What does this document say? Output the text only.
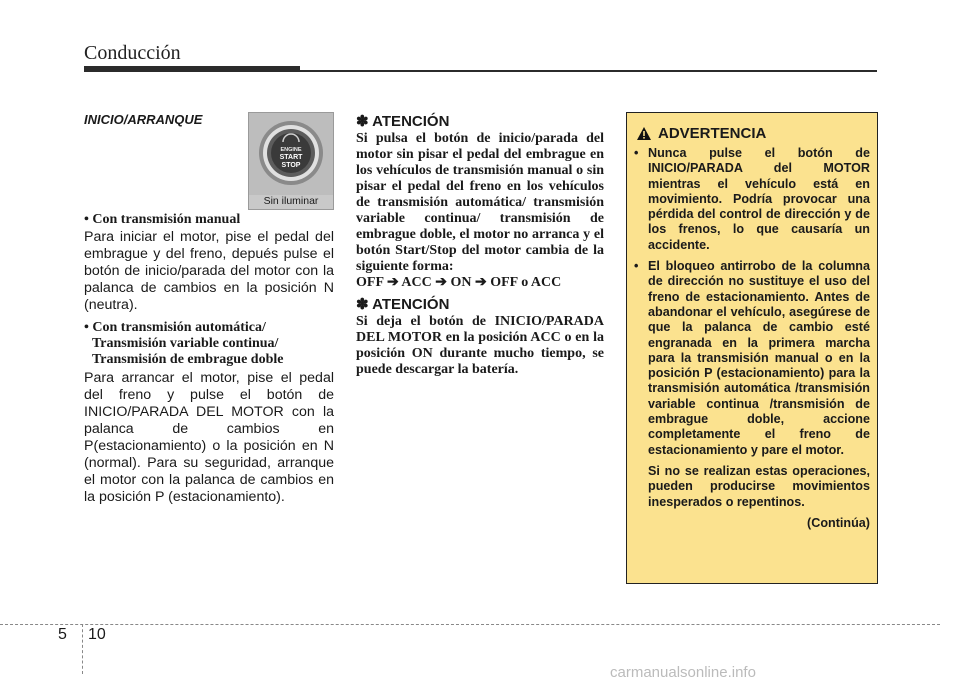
Conducción
INICIO/ARRANQUE
ENGINE
START
STOP
Sin iluminar
• Con transmisión manual
Para iniciar el motor, pise el pedal del embrague y del freno, depués pulse el botón de inicio/parada del motor con la palanca de cambios en la posición N (neutra).
• Con transmisión automática/
Transmisión variable continua/
Transmisión de embrague doble
Para arrancar el motor, pise el pedal del freno y pulse el botón de INICIO/PARADA DEL MOTOR con la palanca de cambios en P(estacionamiento) o la posición en N (normal). Para su seguridad, arranque el motor con la palanca de cambios en la posición P (estacionamiento).
✽ ATENCIÓN
Si pulsa el botón de inicio/parada del motor sin pisar el pedal del embrague en los vehículos de transmisión manual o sin pisar el pedal del freno en los vehículos de transmisión automática/ transmisión variable continua/ transmisión de embrague doble, el motor no arranca y el botón Start/Stop del motor cambia de la siguiente forma:
OFF ➔ ACC ➔ ON ➔ OFF o ACC
✽ ATENCIÓN
Si deja el botón de INICIO/PARADA DEL MOTOR en la posición ACC o en la posición ON durante mucho tiempo, se puede descargar la batería.
ADVERTENCIA
• Nunca pulse el botón de INICIO/PARADA del MOTOR mientras el vehículo está en movimiento. Podría provocar una pérdida del control de dirección y de los frenos, lo que causaría un accidente.
• El bloqueo antirrobo de la columna de dirección no sustituye el uso del freno de estacionamiento. Antes de abandonar el vehículo, asegúrese de que la palanca de cambio esté engranada en la primera marcha para la transmisión manual o en la posición P (estacionamiento) para la transmisión automática /transmisión variable continua /transmisión de embrague doble, accione completamente el freno de estacionamiento y pare el motor.

Si no se realizan estas operaciones, pueden producirse movimientos inesperados o repentinos.

(Continúa)

5 10
carmanualsonline.info
